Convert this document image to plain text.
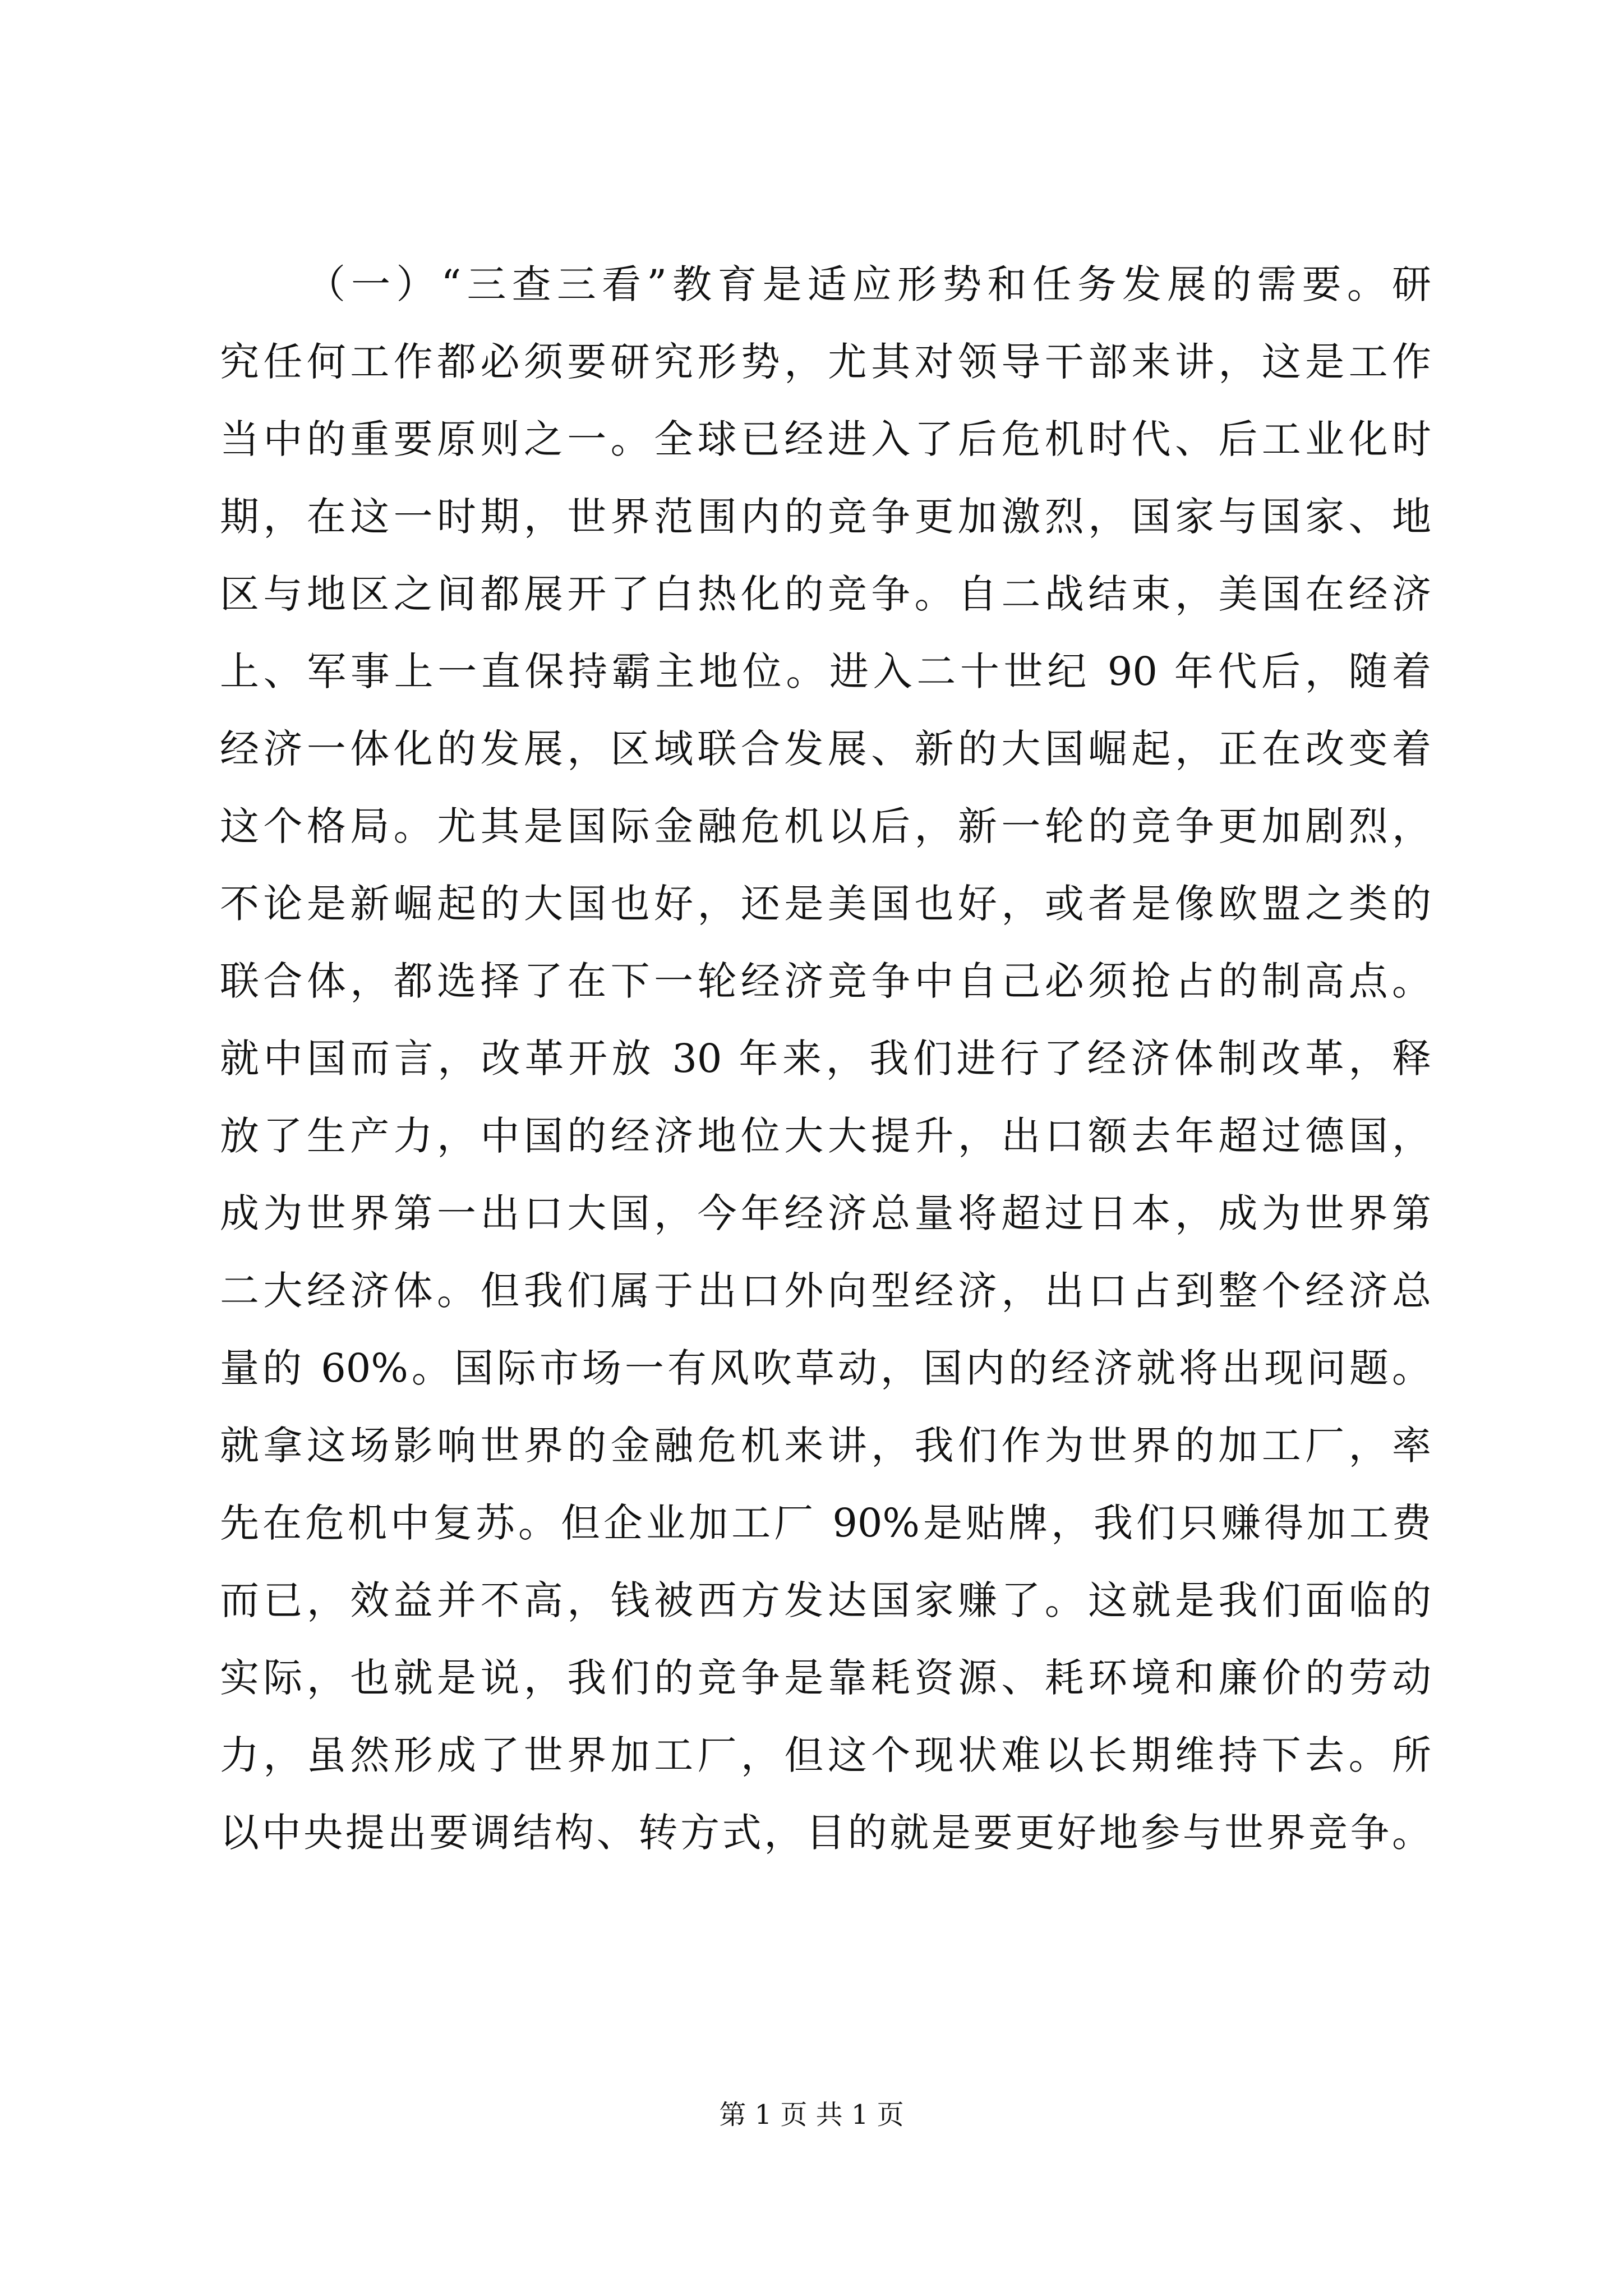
（一）“三查三看”教育是适应形势和任务发展的需要。研
究任何工作都必须要研究形势，尤其对领导干部来讲，这是工作
当中的重要原则之一。全球已经进入了后危机时代、后工业化时
期，在这一时期，世界范围内的竞争更加激烈，国家与国家、地
区与地区之间都展开了白热化的竞争。自二战结束，美国在经济
上、军事上一直保持霸主地位。进入二十世纪 90 年代后，随着
经济一体化的发展，区域联合发展、新的大国崛起，正在改变着
这个格局。尤其是国际金融危机以后，新一轮的竞争更加剧烈，
不论是新崛起的大国也好，还是美国也好，或者是像欧盟之类的
联合体，都选择了在下一轮经济竞争中自己必须抢占的制高点。
就中国而言，改革开放 30 年来，我们进行了经济体制改革，释
放了生产力，中国的经济地位大大提升，出口额去年超过德国，
成为世界第一出口大国，今年经济总量将超过日本，成为世界第
二大经济体。但我们属于出口外向型经济，出口占到整个经济总
量的 60%。国际市场一有风吹草动，国内的经济就将出现问题。
就拿这场影响世界的金融危机来讲，我们作为世界的加工厂，率
先在危机中复苏。但企业加工厂 90%是贴牌，我们只赚得加工费
而已，效益并不高，钱被西方发达国家赚了。这就是我们面临的
实际，也就是说，我们的竞争是靠耗资源、耗环境和廉价的劳动
力，虽然形成了世界加工厂，但这个现状难以长期维持下去。所
以中央提出要调结构、转方式，目的就是要更好地参与世界竞争。
第 1 页 共 1 页
